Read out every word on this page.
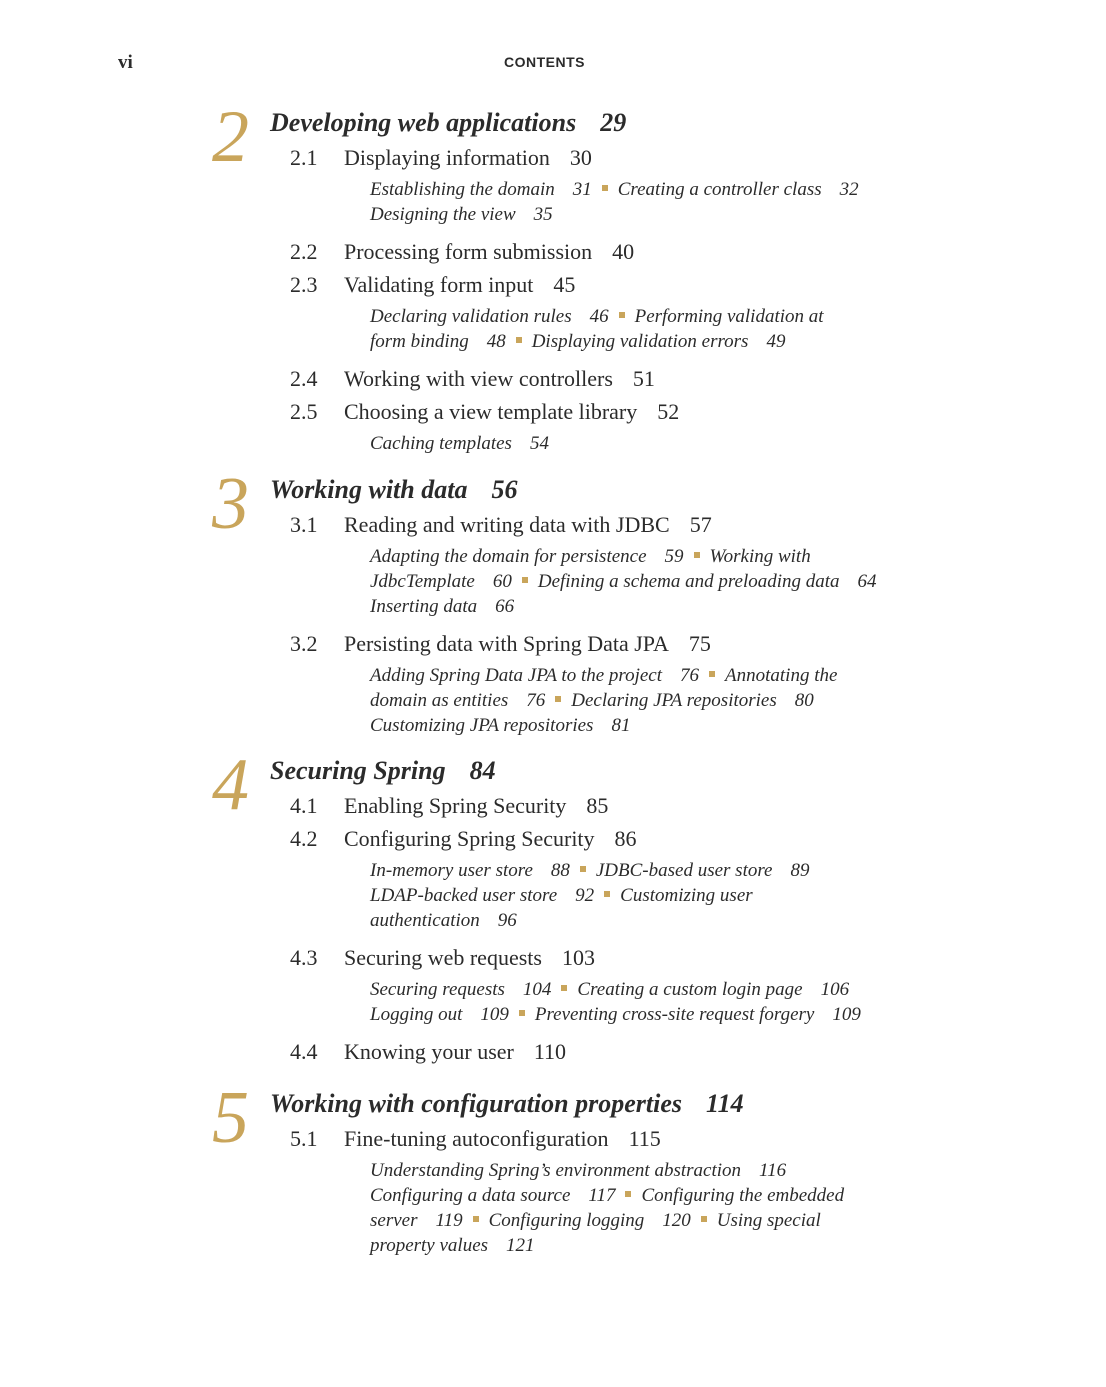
vi	CONTENTS
2 Developing web applications 29
2.1 Displaying information 30
Establishing the domain 31 Creating a controller class 32
Designing the view 35
2.2 Processing form submission 40
2.3 Validating form input 45
Declaring validation rules 46 Performing validation at
form binding 48 Displaying validation errors 49
2.4 Working with view controllers 51
2.5 Choosing a view template library 52
Caching templates 54
3 Working with data 56
3.1 Reading and writing data with JDBC 57
Adapting the domain for persistence 59 Working with
JdbcTemplate 60 Defining a schema and preloading data 64
Inserting data 66
3.2 Persisting data with Spring Data JPA 75
Adding Spring Data JPA to the project 76 Annotating the
domain as entities 76 Declaring JPA repositories 80
Customizing JPA repositories 81
4 Securing Spring 84
4.1 Enabling Spring Security 85
4.2 Configuring Spring Security 86
In-memory user store 88 JDBC-based user store 89
LDAP-backed user store 92 Customizing user
authentication 96
4.3 Securing web requests 103
Securing requests 104 Creating a custom login page 106
Logging out 109 Preventing cross-site request forgery 109
4.4 Knowing your user 110
5 Working with configuration properties 114
5.1 Fine-tuning autoconfiguration 115
Understanding Spring’s environment abstraction 116
Configuring a data source 117 Configuring the embedded
server 119 Configuring logging 120 Using special
property values 121
